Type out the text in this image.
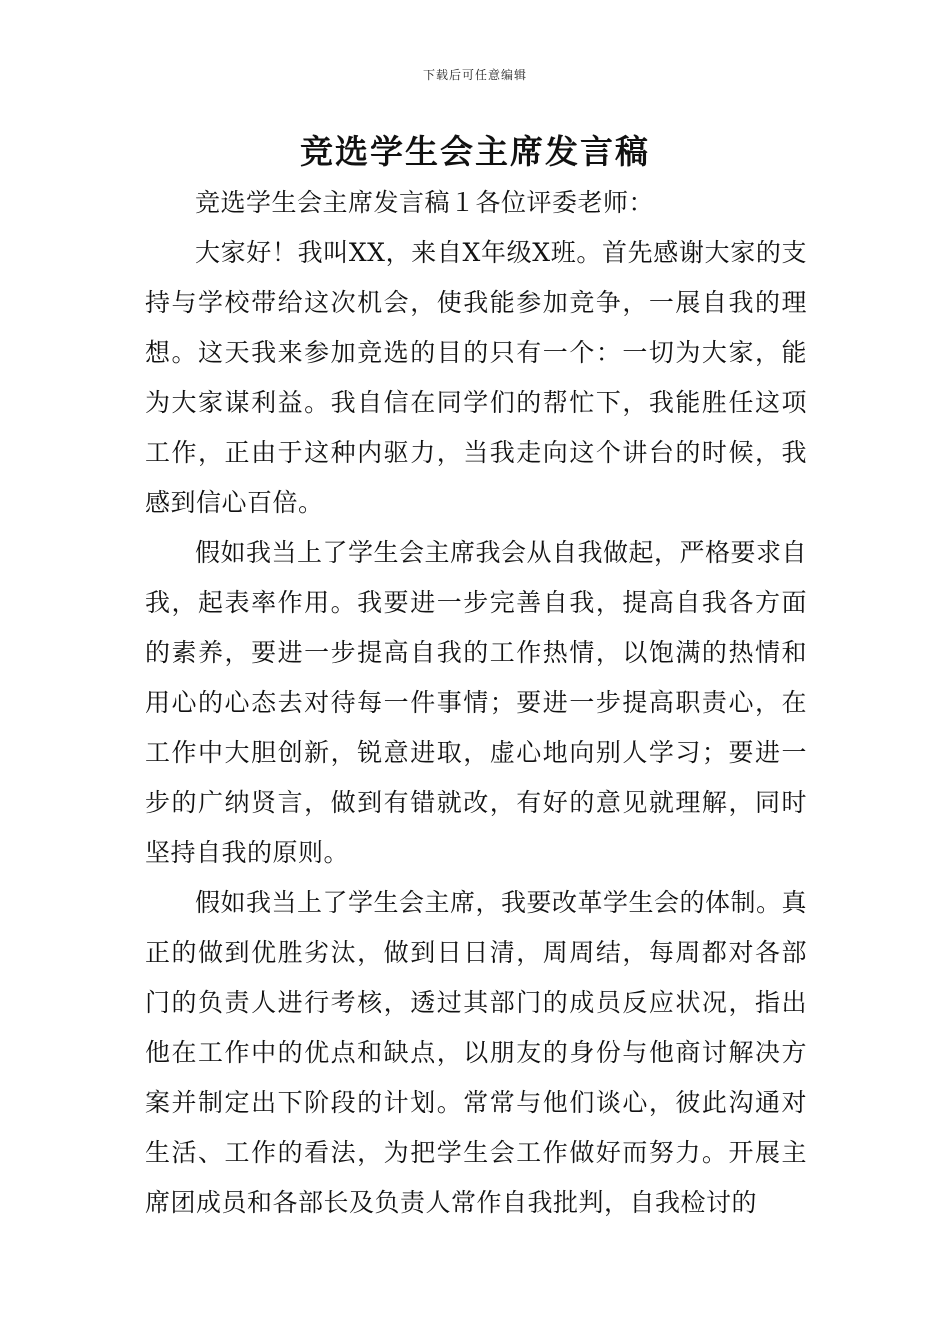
下载后可任意编辑
竞选学生会主席发言稿

竞选学生会主席发言稿１各位评委老师：

大家好！我叫XX，来自X年级X班。首先感谢大家的支持与学校带给这次机会，使我能参加竞争，一展自我的理想。这天我来参加竞选的目的只有一个：一切为大家，能为大家谋利益。我自信在同学们的帮忙下，我能胜任这项工作，正由于这种内驱力，当我走向这个讲台的时候，我感到信心百倍。

假如我当上了学生会主席我会从自我做起，严格要求自我，起表率作用。我要进一步完善自我，提高自我各方面的素养，要进一步提高自我的工作热情，以饱满的热情和用心的心态去对待每一件事情；要进一步提高职责心，在工作中大胆创新，锐意进取，虚心地向别人学习；要进一步的广纳贤言，做到有错就改，有好的意见就理解，同时坚持自我的原则。

假如我当上了学生会主席，我要改革学生会的体制。真正的做到优胜劣汰，做到日日清，周周结，每周都对各部门的负责人进行考核，透过其部门的成员反应状况，指出他在工作中的优点和缺点，以朋友的身份与他商讨解决方案并制定出下阶段的计划。常常与他们谈心，彼此沟通对生活、工作的看法，为把学生会工作做好而努力。开展主席团成员和各部长及负责人常作自我批判，自我检讨的
